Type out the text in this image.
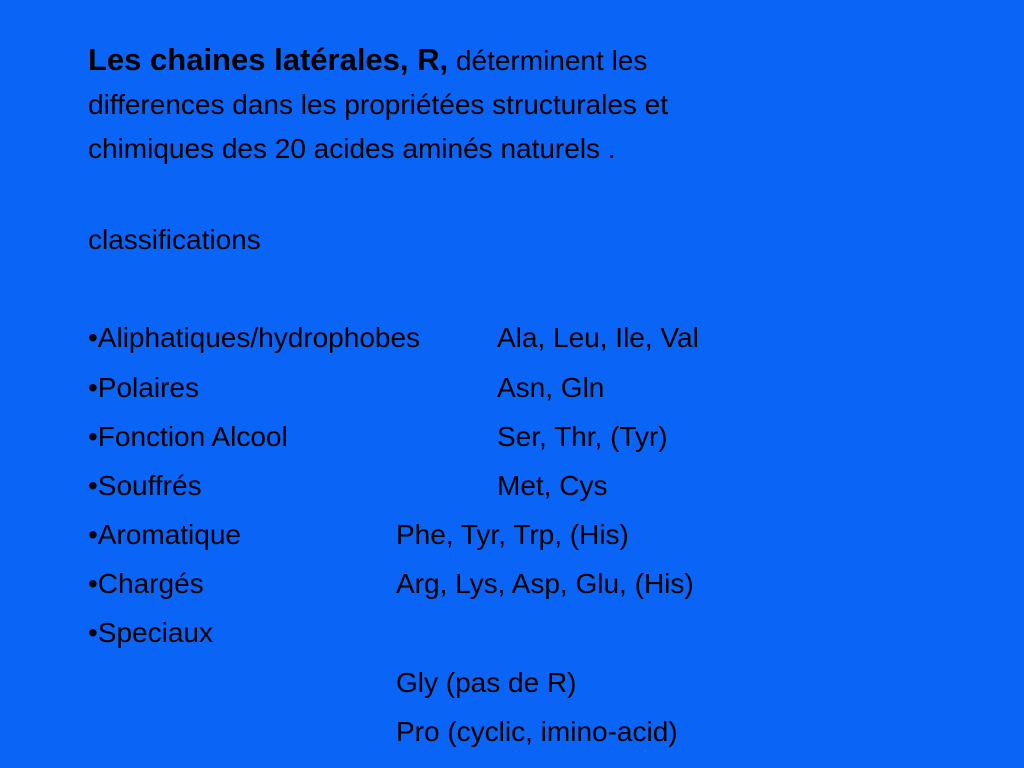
Les chaines latérales, R, déterminent les
differences dans les propriétées structurales et
chimiques des 20 acides aminés naturels .
classifications
•Aliphatiques/hydrophobes	Ala, Leu, Ile, Val
•Polaires	Asn, Gln
•Fonction Alcool	Ser, Thr, (Tyr)
•Souffrés	Met, Cys
•Aromatique	Phe, Tyr, Trp, (His)
•Chargés	Arg, Lys, Asp, Glu, (His)
•Speciaux
Gly (pas de R)
Pro (cyclic, imino-acid)
